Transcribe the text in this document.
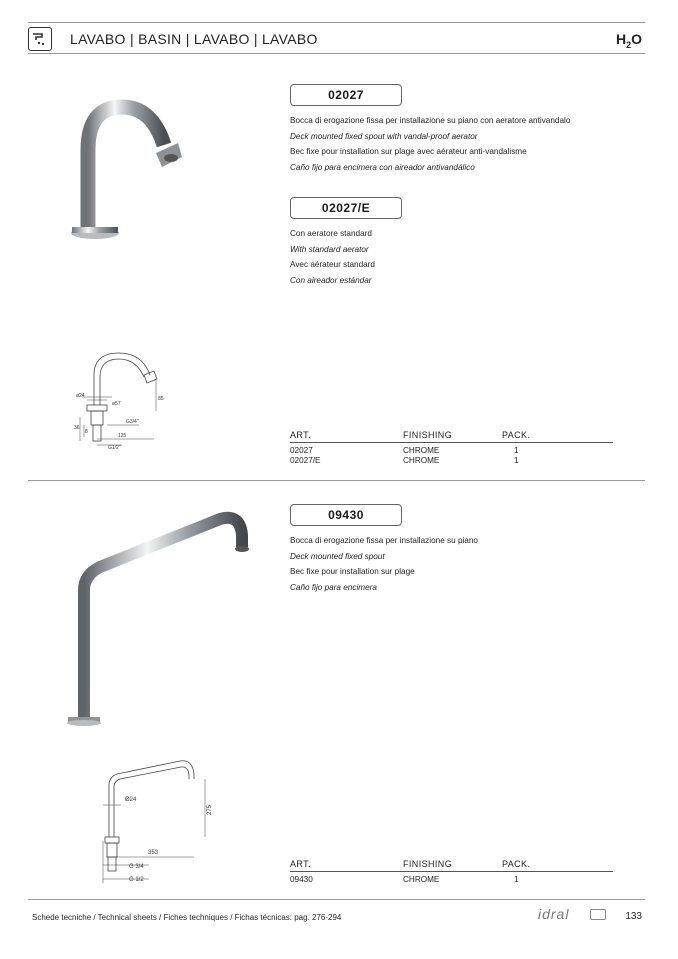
LAVABO | BASIN | LAVABO | LAVABO	$H_2O$
02027
Bocca di erogazione fissa per installazione su piano con aeratore antivandalo
Deck mounted fixed spout with vandal-proof aerator
Bec fixe pour installation sur plage avec aérateur anti-vandalisme
Caño fijo para encimera con aireador antivandálico
02027/E
Con aeratore standard
With standard aerator
Avec aérateur standard
Con aireador estándar
ø24
ø57
G3/4"
85
36
8
125
G1/2"
ART.	FINISHING	PACK.
02027	CHROME	1
02027/E	CHROME	1
09430
Bocca di erogazione fissa per installazione su piano
Deck mounted fixed spout
Bec fixe pour installation sur plage
Caño fijo para encimera
Ø24
275
353
G 3/4
G 1/2
ART.	FINISHING	PACK.
09430	CHROME	1
Schede tecniche / Technical sheets / Fiches techniques / Fichas técnicas: pag. 276-294	idral	133
